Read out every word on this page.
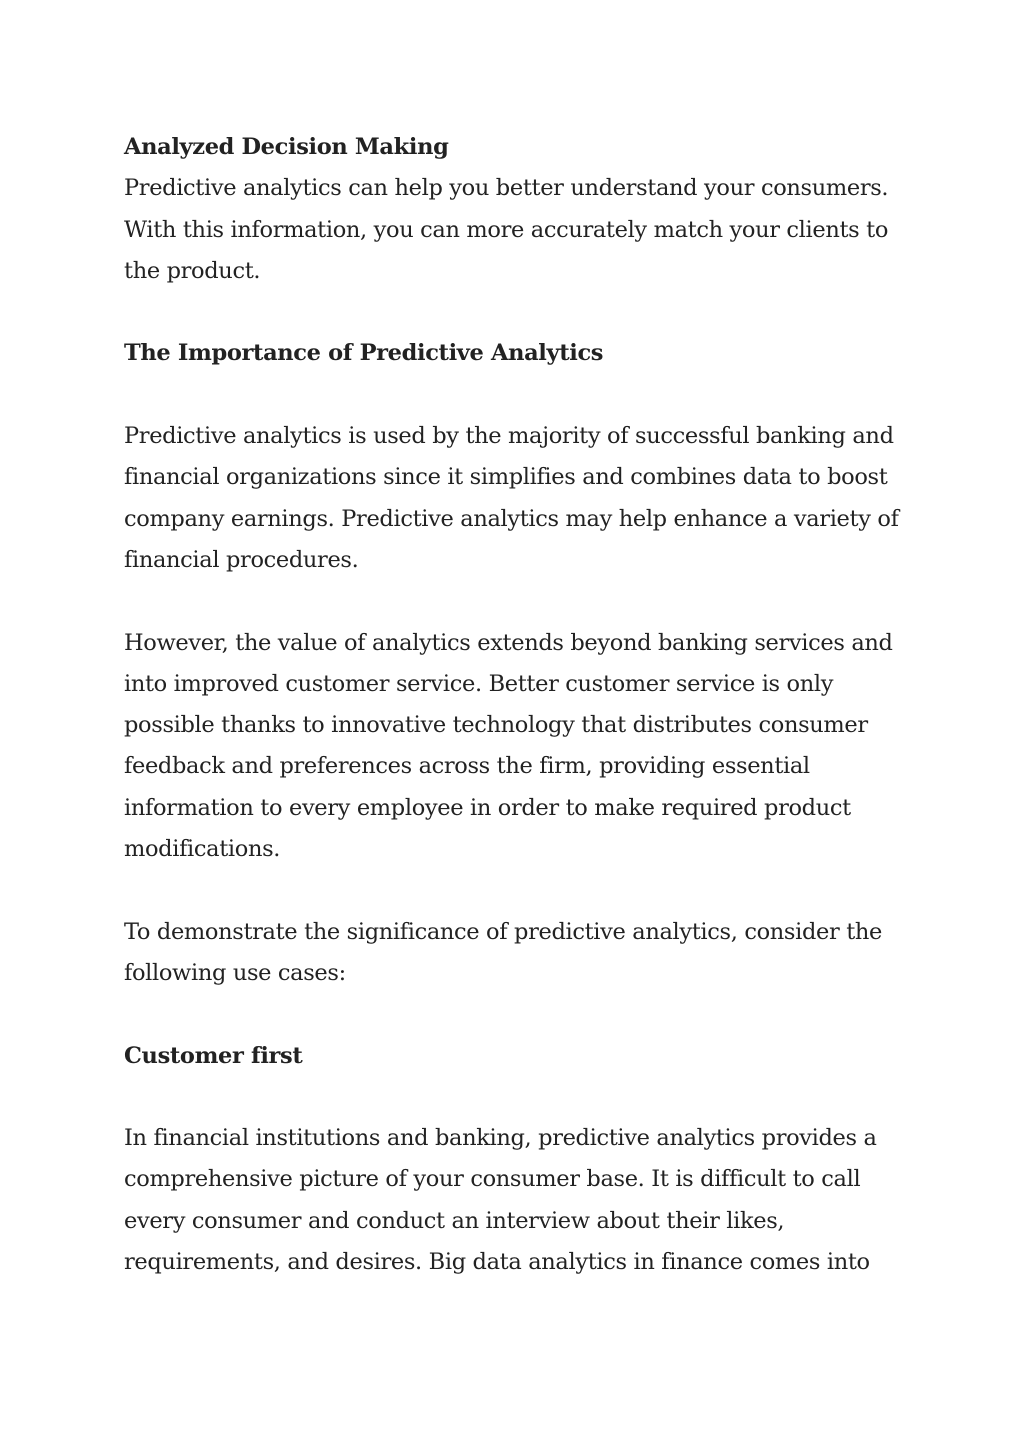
Analyzed Decision Making

Predictive analytics can help you better understand your consumers. With this information, you can more accurately match your clients to the product.

The Importance of Predictive Analytics

Predictive analytics is used by the majority of successful banking and financial organizations since it simplifies and combines data to boost company earnings. Predictive analytics may help enhance a variety of financial procedures.

However, the value of analytics extends beyond banking services and into improved customer service. Better customer service is only possible thanks to innovative technology that distributes consumer feedback and preferences across the firm, providing essential information to every employee in order to make required product modifications.

To demonstrate the significance of predictive analytics, consider the following use cases:

Customer first

In financial institutions and banking, predictive analytics provides a comprehensive picture of your consumer base. It is difficult to call every consumer and conduct an interview about their likes, requirements, and desires. Big data analytics in finance comes into
